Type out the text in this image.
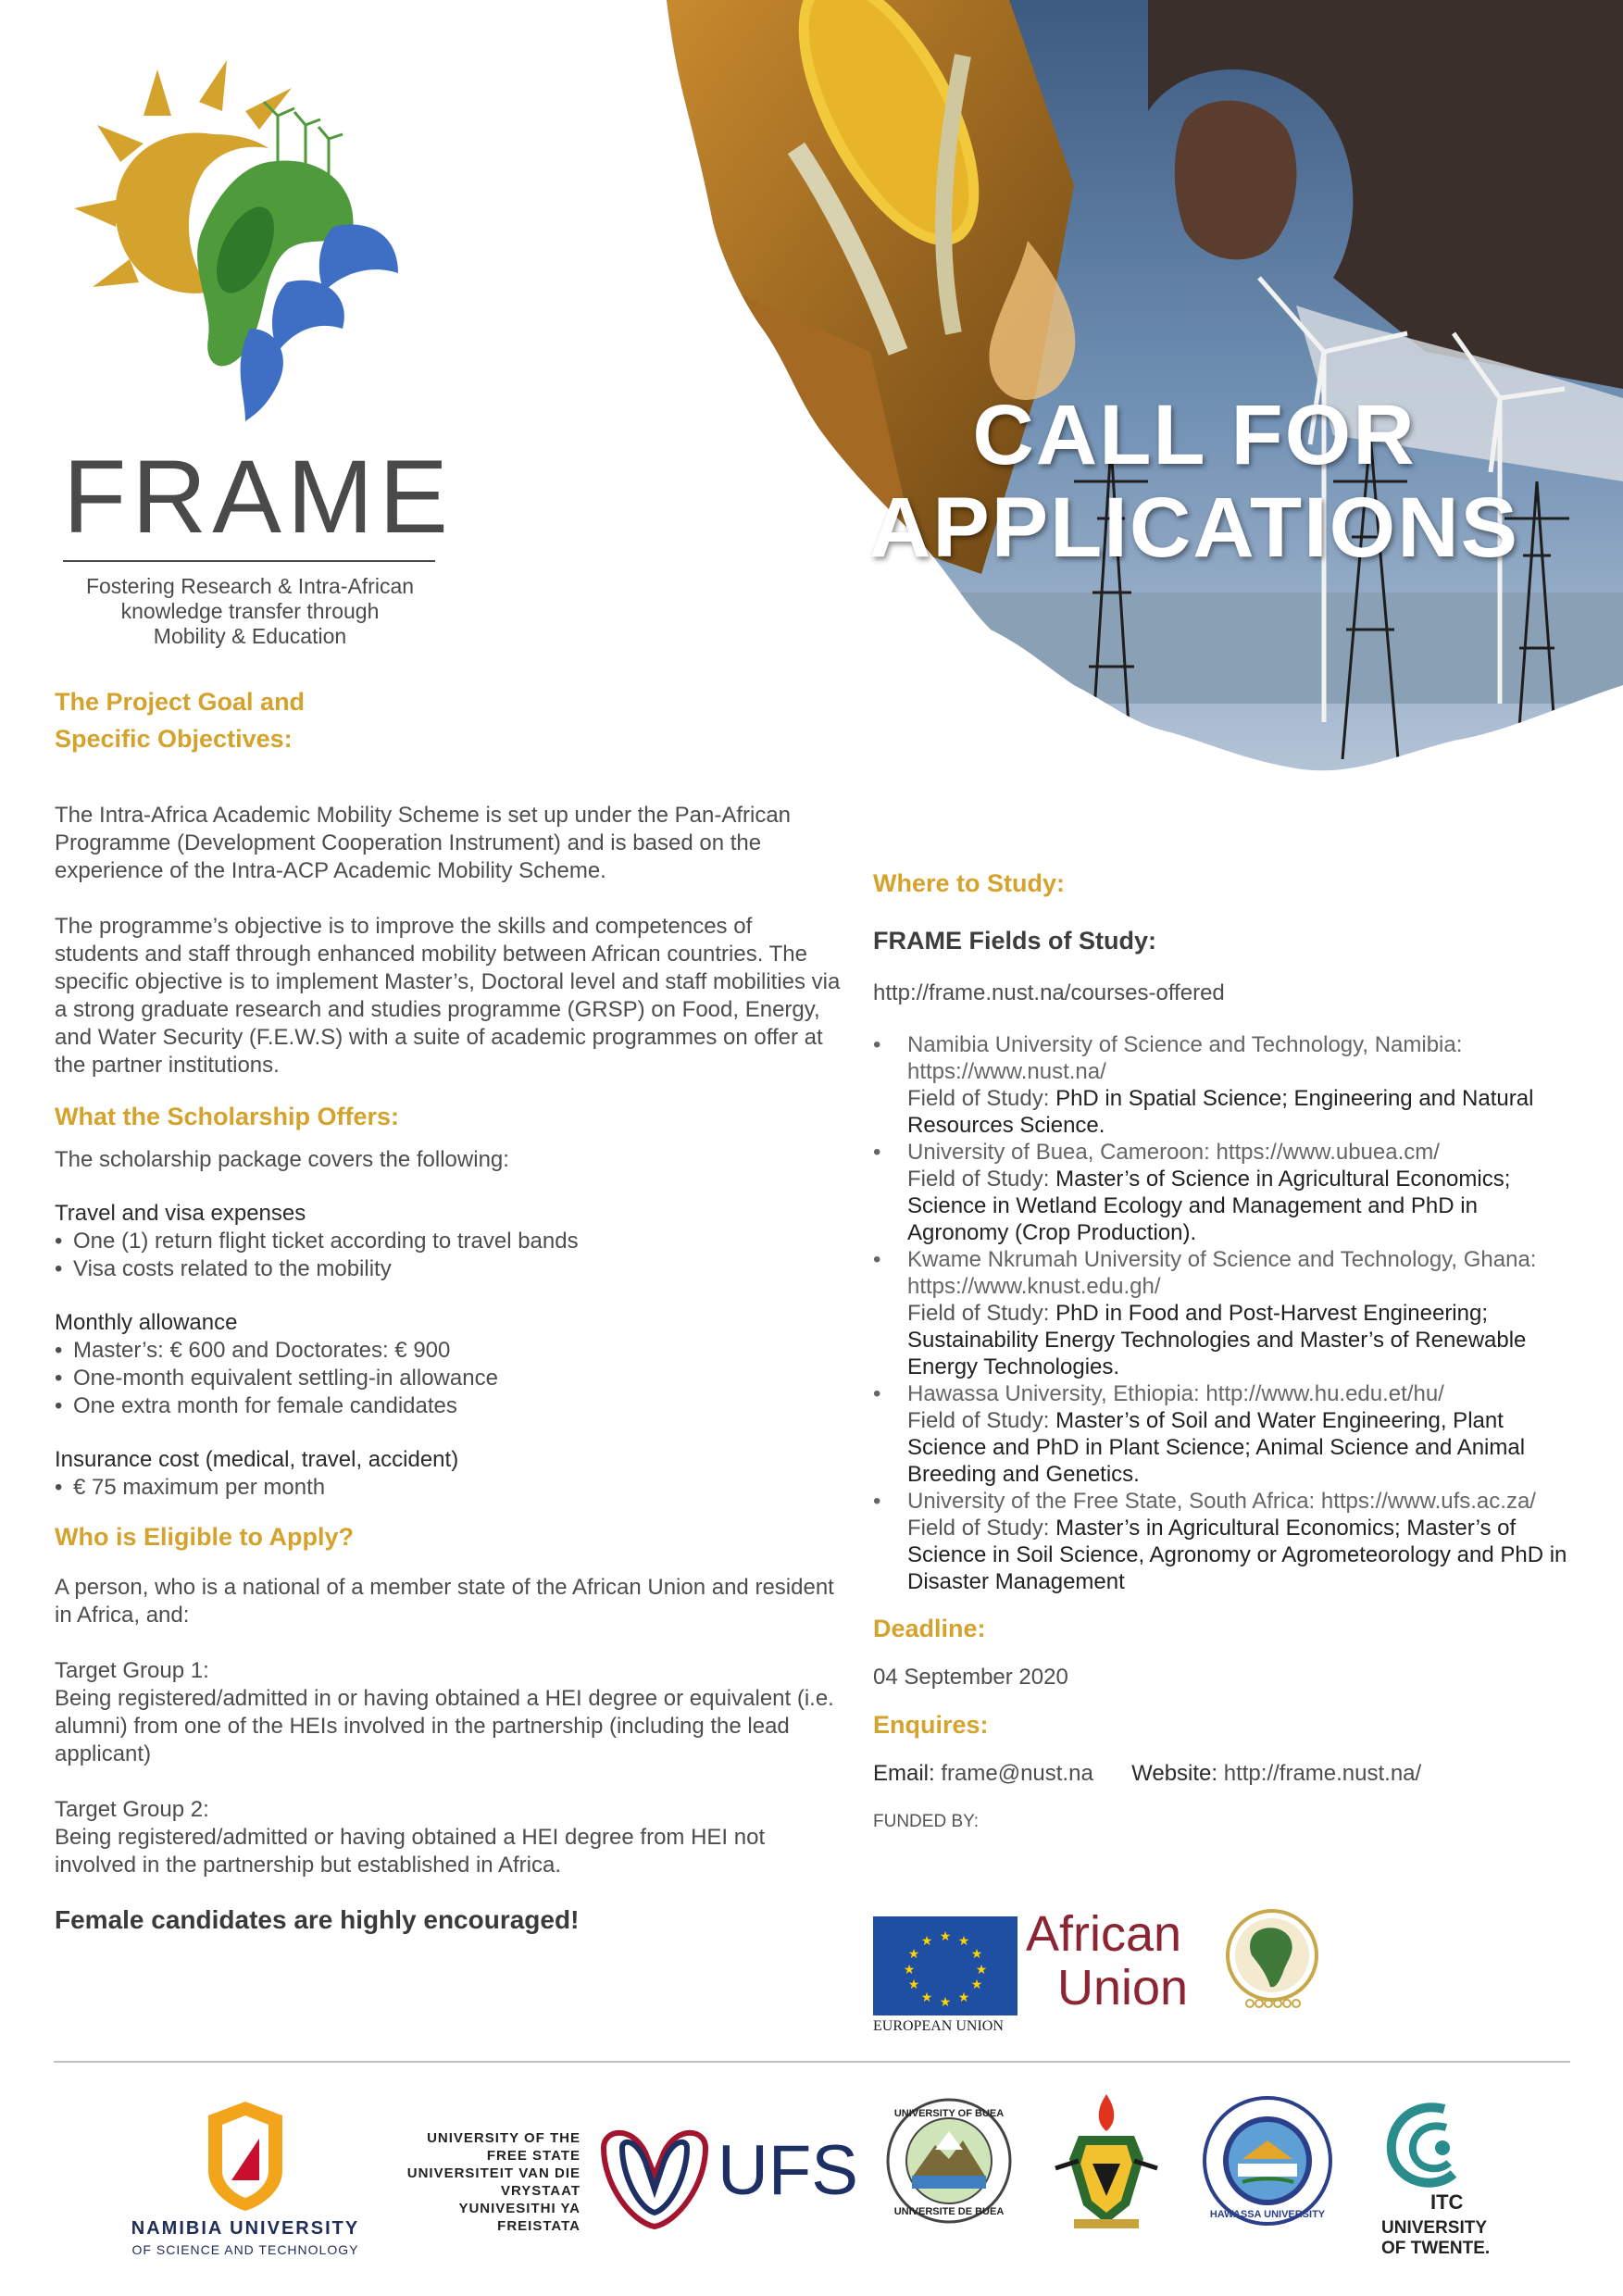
CALL FOR
APPLICATIONS
FRAME
Fostering Research & Intra-African
knowledge transfer through
Mobility & Education
The Project Goal and
Specific Objectives:

The Intra-Africa Academic Mobility Scheme is set up under the Pan-African Programme (Development Cooperation Instrument) and is based on the experience of the Intra-ACP Academic Mobility Scheme.

The programme’s objective is to improve the skills and competences of students and staff through enhanced mobility between African countries. The specific objective is to implement Master’s, Doctoral level and staff mobilities via a strong graduate research and studies programme (GRSP) on Food, Energy, and Water Security (F.E.W.S) with a suite of academic programmes on offer at the partner institutions.

What the Scholarship Offers:

The scholarship package covers the following:

Travel and visa expenses
• One (1) return flight ticket according to travel bands
• Visa costs related to the mobility
Monthly allowance
• Master’s: € 600 and Doctorates: € 900
• One-month equivalent settling-in allowance
• One extra month for female candidates
Insurance cost (medical, travel, accident)
• € 75 maximum per month
Who is Eligible to Apply?

A person, who is a national of a member state of the African Union and resident in Africa, and:

Target Group 1:
Being registered/admitted in or having obtained a HEI degree or equivalent (i.e. alumni) from one of the HEIs involved in the partnership (including the lead applicant)
Target Group 2:
Being registered/admitted or having obtained a HEI degree from HEI not involved in the partnership but established in Africa.
Female candidates are highly encouraged!
Where to Study:
FRAME Fields of Study:
http://frame.nust.na/courses-offered
• Namibia University of Science and Technology, Namibia: https://www.nust.na/
Field of Study: PhD in Spatial Science; Engineering and Natural Resources Science.
• University of Buea, Cameroon: https://www.ubuea.cm/
Field of Study: Master’s of Science in Agricultural Economics; Science in Wetland Ecology and Management and PhD in Agronomy (Crop Production).
• Kwame Nkrumah University of Science and Technology, Ghana: https://www.knust.edu.gh/
Field of Study: PhD in Food and Post-Harvest Engineering; Sustainability Energy Technologies and Master’s of Renewable Energy Technologies.
• Hawassa University, Ethiopia: http://www.hu.edu.et/hu/
Field of Study: Master’s of Soil and Water Engineering, Plant Science and PhD in Plant Science; Animal Science and Animal Breeding and Genetics.
• University of the Free State, South Africa: https://www.ufs.ac.za/
Field of Study: Master’s in Agricultural Economics; Master’s of Science in Soil Science, Agronomy or Agrometeorology and PhD in Disaster Management
Deadline:
04 September 2020
Enquires:
Email: frame@nust.na Website: http://frame.nust.na/
FUNDED BY:
★ ★
★
★
★
★
★
★
★
★
★
★
EUROPEAN UNION
African
Union
NAMIBIA UNIVERSITY
OF SCIENCE AND TECHNOLOGY
UNIVERSITY OF THE
FREE STATE
UNIVERSITEIT VAN DIE
VRYSTAAT
YUNIVESITHI YA
FREISTATA
UFS
UNIVERSITY OF BUEA
UNIVERSITE DE BUEA	HAWASSA UNIVERSITY
ITC
UNIVERSITY
OF TWENTE.
